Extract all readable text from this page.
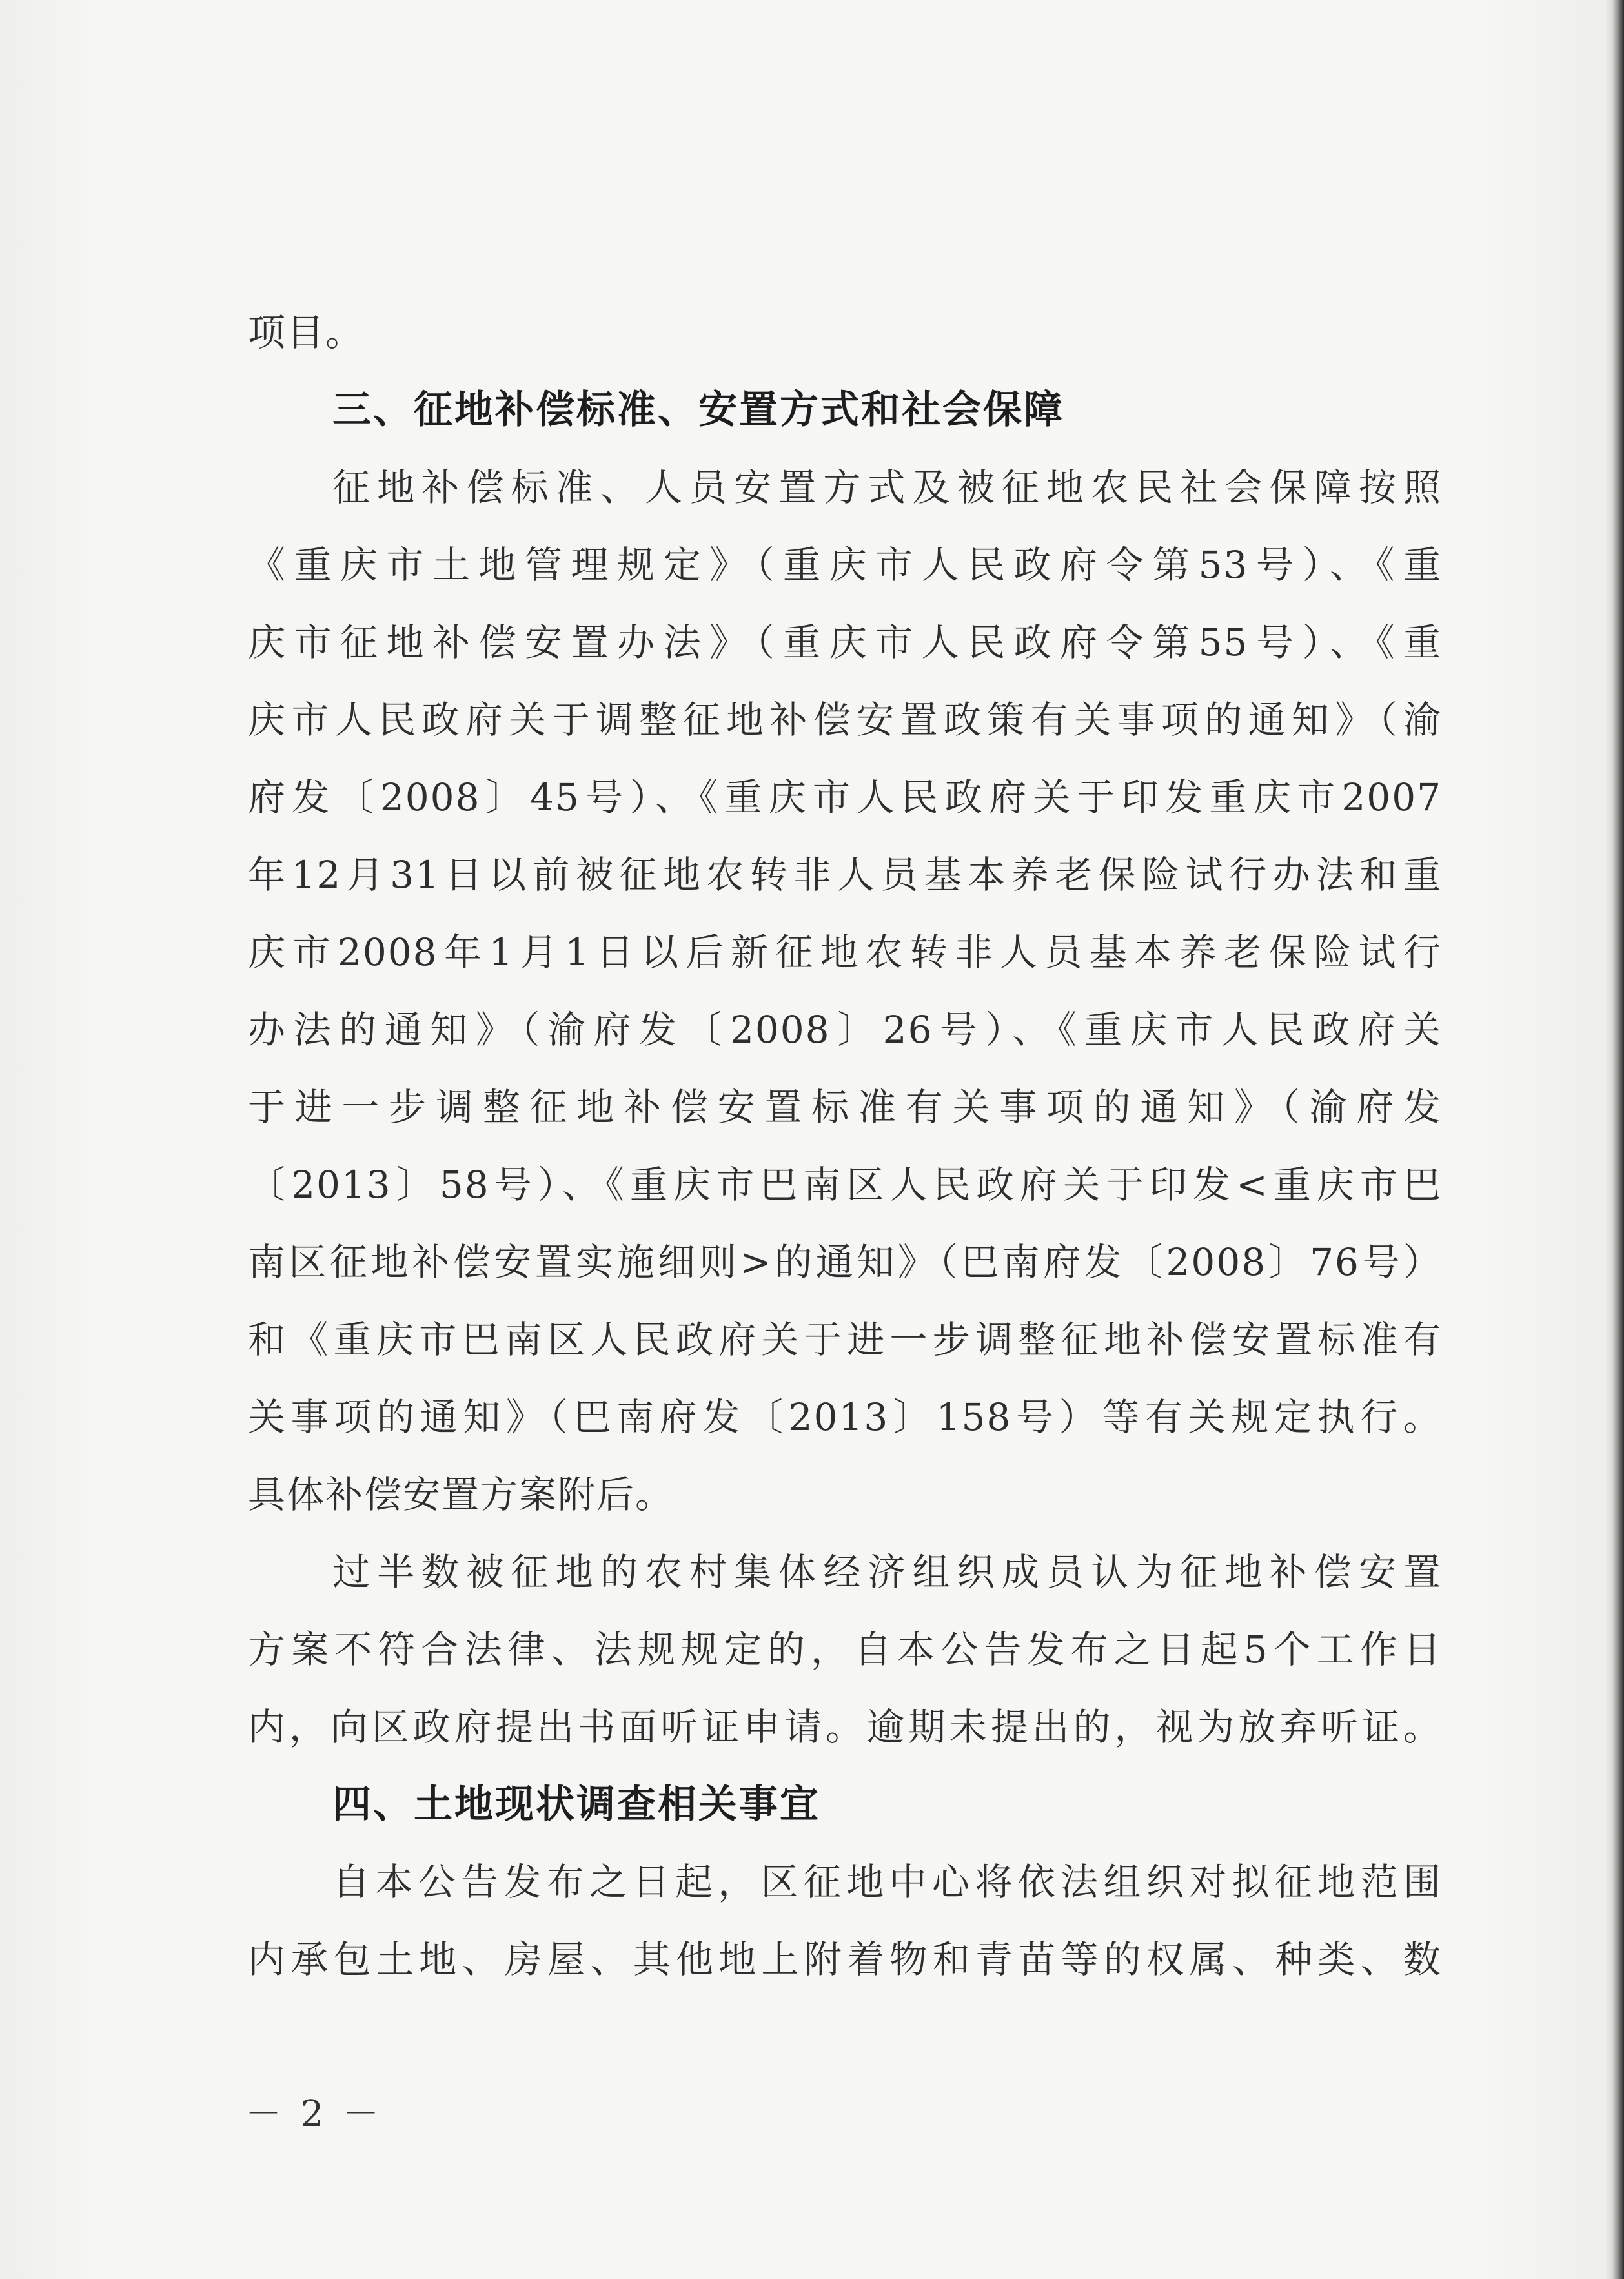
项目。
三、征地补偿标准、安置方式和社会保障
征地补偿标准、人员安置方式及被征地农民社会保障按照
《重庆市土地管理规定》（重庆市人民政府令第53号）、《重
庆市征地补偿安置办法》（重庆市人民政府令第55号）、《重
庆市人民政府关于调整征地补偿安置政策有关事项的通知》（渝
府发〔2008〕45号）、《重庆市人民政府关于印发重庆市2007
年12月31日以前被征地农转非人员基本养老保险试行办法和重
庆市2008年1月1日以后新征地农转非人员基本养老保险试行
办法的通知》（渝府发〔2008〕26号）、《重庆市人民政府关
于进一步调整征地补偿安置标准有关事项的通知》（渝府发
〔2013〕58号）、《重庆市巴南区人民政府关于印发<重庆市巴
南区征地补偿安置实施细则>的通知》（巴南府发〔2008〕76号）
和《重庆市巴南区人民政府关于进一步调整征地补偿安置标准有
关事项的通知》（巴南府发〔2013〕158号）等有关规定执行。
具体补偿安置方案附后。
过半数被征地的农村集体经济组织成员认为征地补偿安置
方案不符合法律、法规规定的，自本公告发布之日起5个工作日
内，向区政府提出书面听证申请。逾期未提出的，视为放弃听证。
四、土地现状调查相关事宜
自本公告发布之日起，区征地中心将依法组织对拟征地范围
内承包土地、房屋、其他地上附着物和青苗等的权属、种类、数
－ 2 －
